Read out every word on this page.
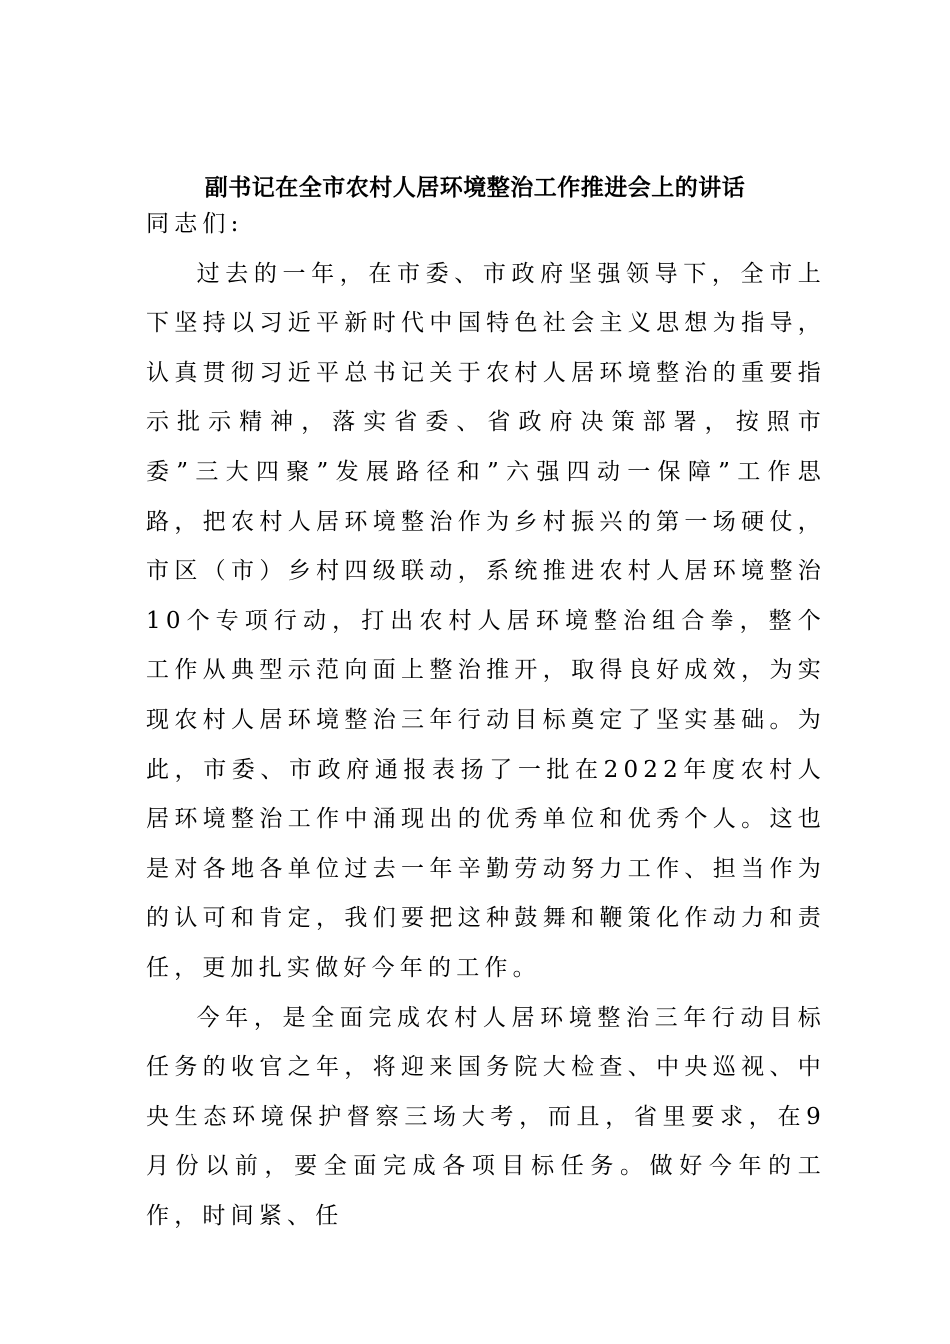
副书记在全市农村人居环境整治工作推进会上的讲话

同志们:

过去的一年，在市委、市政府坚强领导下，全市上下坚持以习近平新时代中国特色社会主义思想为指导，认真贯彻习近平总书记关于农村人居环境整治的重要指示批示精神，落实省委、省政府决策部署，按照市委”三大四聚”发展路径和”六强四动一保障”工作思路，把农村人居环境整治作为乡村振兴的第一场硬仗，市区（市）乡村四级联动，系统推进农村人居环境整治10个专项行动，打出农村人居环境整治组合拳，整个工作从典型示范向面上整治推开，取得良好成效，为实现农村人居环境整治三年行动目标奠定了坚实基础。为此，市委、市政府通报表扬了一批在2022年度农村人居环境整治工作中涌现出的优秀单位和优秀个人。这也是对各地各单位过去一年辛勤劳动努力工作、担当作为的认可和肯定，我们要把这种鼓舞和鞭策化作动力和责任，更加扎实做好今年的工作。

今年，是全面完成农村人居环境整治三年行动目标任务的收官之年，将迎来国务院大检查、中央巡视、中央生态环境保护督察三场大考，而且，省里要求，在9月份以前，要全面完成各项目标任务。做好今年的工作，时间紧、任
